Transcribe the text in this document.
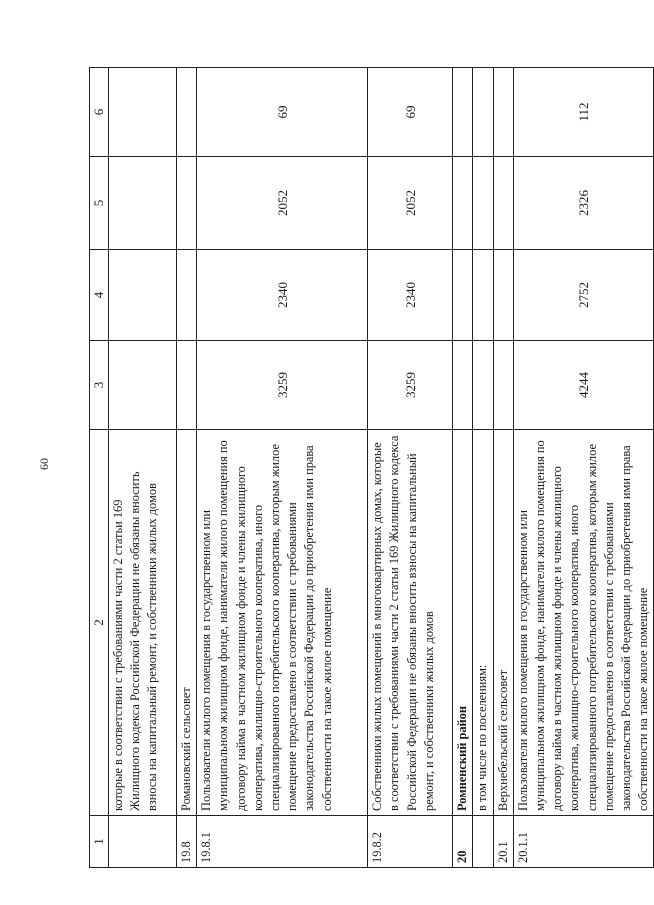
60
1	2	3	4	5	6
	которые в соответствии с требованиями части 2 статьи 169 Жилищного кодекса Российской Федерации не обязаны вносить взносы на капитальный ремонт, и собственники жилых домов				
19.8	Романовский сельсовет				
19.8.1	Пользователи жилого помещения в государственном или муниципальном жилищном фонде, наниматели жилого помещения по договору найма в частном жилищном фонде и члены жилищного кооператива, жилищно-строительного кооператива, иного специализированного потребительского кооператива, которым жилое помещение предоставлено в соответствии с требованиями законодательства Российской Федерации до приобретения ими права собственности на такое жилое помещение	3259	2340	2052	69
19.8.2	Собственники жилых помещений в многоквартирных домах, которые в соответствии с требованиями части 2 статьи 169 Жилищного кодекса Российской Федерации не обязаны вносить взносы на капитальный ремонт, и собственники жилых домов	3259	2340	2052	69
20	Ромненский район				
	в том числе по поселениям:				
20.1	Верхнебельский сельсовет				
20.1.1	Пользователи жилого помещения в государственном или муниципальном жилищном фонде, наниматели жилого помещения по договору найма в частном жилищном фонде и члены жилищного кооператива, жилищно-строительного кооператива, иного специализированного потребительского кооператива, которым жилое помещение предоставлено в соответствии с требованиями законодательства Российской Федерации до приобретения ими права собственности на такое жилое помещение	4244	2752	2326	112
